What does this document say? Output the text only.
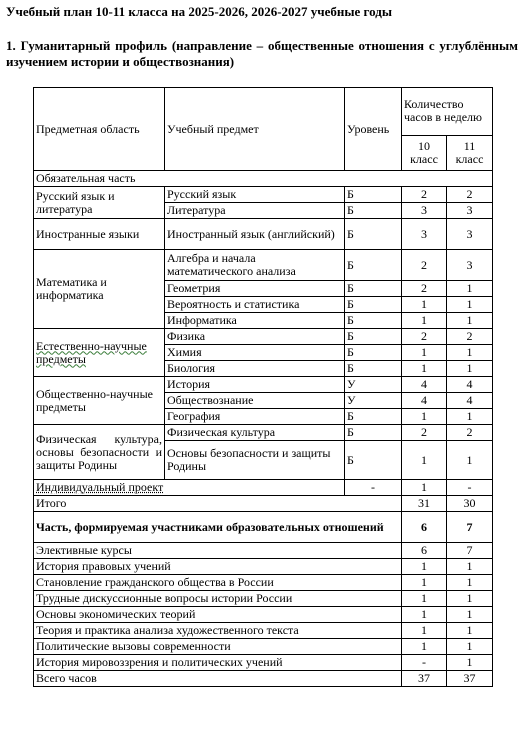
Учебный план 10-11 класса на 2025-2026, 2026-2027 учебные годы
1. Гуманитарный профиль (направление – общественные отношения с углублённым изучением истории и обществознания)
Предметная область	Учебный предмет	Уровень	Количество часов в неделю	
			10 класс	11 класс
Обязательная часть				
Русский язык и литература	Русский язык	Б	2	2
	Литература	Б	3	3
Иностранные языки	Иностранный язык (английский)	Б	3	3
Математика и информатика	Алгебра и начала математического анализа	Б	2	3
	Геометрия	Б	2	1
	Вероятность и статистика	Б	1	1
	Информатика	Б	1	1
Естественно-научные предметы	Физика	Б	2	2
	Химия	Б	1	1
	Биология	Б	1	1
Общественно-научные предметы	История	У	4	4
	Обществознание	У	4	4
	География	Б	1	1
Физическая культура, основы безопасности и защиты Родины	Физическая культура	Б	2	2
	Основы безопасности и защиты Родины	Б	1	1
Индивидуальный проект		-	1	-
Итого			31	30
Часть, формируемая участниками образовательных отношений			6	7
Элективные курсы			6	7
История правовых учений			1	1
Становление гражданского общества в России			1	1
Трудные дискуссионные вопросы истории России			1	1
Основы экономических теорий			1	1
Теория и практика анализа художественного текста			1	1
Политические вызовы современности			1	1
История мировоззрения и политических учений			-	1
Всего часов			37	37
